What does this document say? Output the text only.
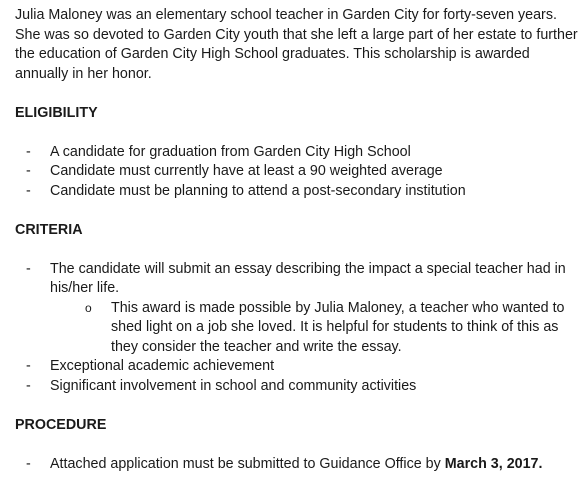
Julia Maloney was an elementary school teacher in Garden City for forty-seven years. She was so devoted to Garden City youth that she left a large part of her estate to further the education of Garden City High School graduates. This scholarship is awarded annually in her honor.

ELIGIBILITY

- A candidate for graduation from Garden City High School
- Candidate must currently have at least a 90 weighted average
- Candidate must be planning to attend a post-secondary institution

CRITERIA

- The candidate will submit an essay describing the impact a special teacher had in his/her life.
o This award is made possible by Julia Maloney, a teacher who wanted to shed light on a job she loved. It is helpful for students to think of this as they consider the teacher and write the essay.
- Exceptional academic achievement
- Significant involvement in school and community activities

PROCEDURE

- Attached application must be submitted to Guidance Office by March 3, 2017.
